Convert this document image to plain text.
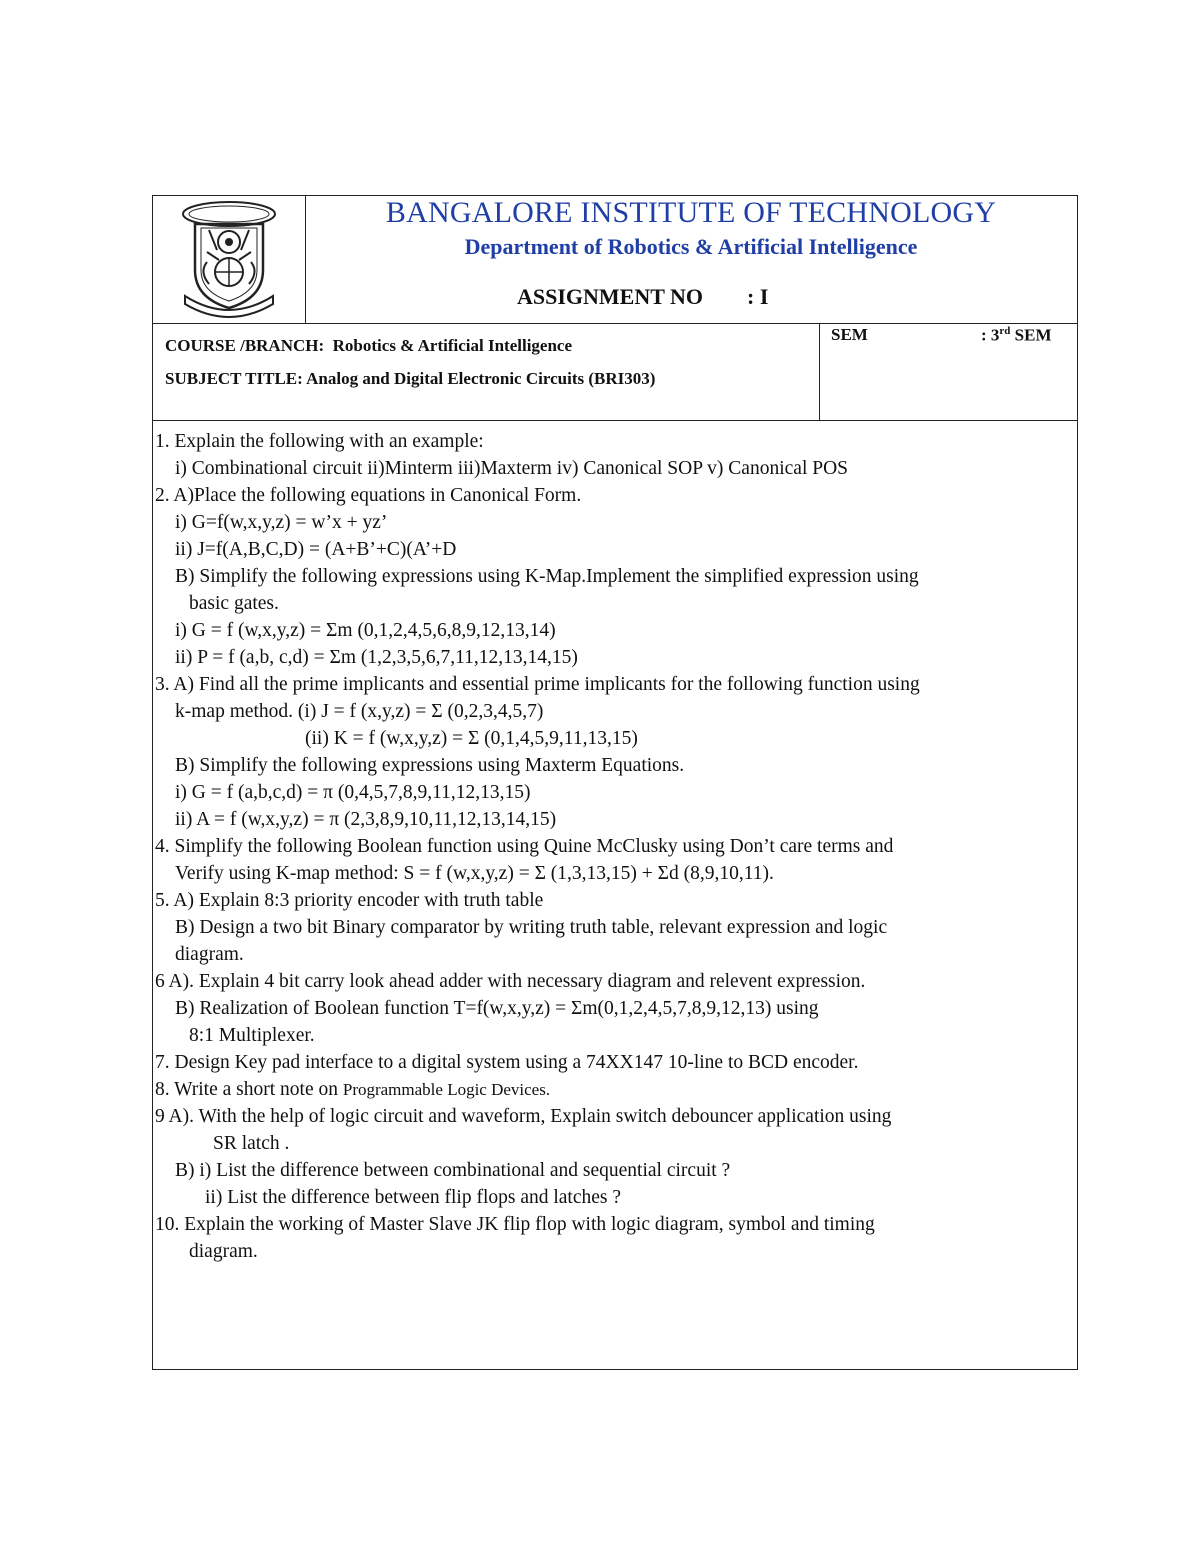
BANGALORE INSTITUTE OF TECHNOLOGY
Department of Robotics & Artificial Intelligence
ASSIGNMENT NO : I
COURSE /BRANCH: Robotics & Artificial Intelligence
SUBJECT TITLE: Analog and Digital Electronic Circuits (BRI303)
SEM	: 3rd SEM
1. Explain the following with an example:
i) Combinational circuit ii)Minterm iii)Maxterm iv) Canonical SOP v) Canonical POS
2. A)Place the following equations in Canonical Form.
i) G=f(w,x,y,z) = w’x + yz’
ii) J=f(A,B,C,D) = (A+B’+C)(A’+D
B) Simplify the following expressions using K-Map.Implement the simplified expression using
basic gates.
i) G = f (w,x,y,z) = Σm (0,1,2,4,5,6,8,9,12,13,14)
ii) P = f (a,b, c,d) = Σm (1,2,3,5,6,7,11,12,13,14,15)
3. A) Find all the prime implicants and essential prime implicants for the following function using
k-map method. (i) J = f (x,y,z) = Σ (0,2,3,4,5,7)
(ii) K = f (w,x,y,z) = Σ (0,1,4,5,9,11,13,15)
B) Simplify the following expressions using Maxterm Equations.
i) G = f (a,b,c,d) = π (0,4,5,7,8,9,11,12,13,15)
ii) A = f (w,x,y,z) = π (2,3,8,9,10,11,12,13,14,15)
4. Simplify the following Boolean function using Quine McClusky using Don’t care terms and
Verify using K-map method: S = f (w,x,y,z) = Σ (1,3,13,15) + Σd (8,9,10,11).
5. A) Explain 8:3 priority encoder with truth table
B) Design a two bit Binary comparator by writing truth table, relevant expression and logic
diagram.
6 A). Explain 4 bit carry look ahead adder with necessary diagram and relevent expression.
B) Realization of Boolean function T=f(w,x,y,z) = Σm(0,1,2,4,5,7,8,9,12,13) using
8:1 Multiplexer.
7. Design Key pad interface to a digital system using a 74XX147 10-line to BCD encoder.
8. Write a short note on Programmable Logic Devices.
9 A). With the help of logic circuit and waveform, Explain switch debouncer application using
SR latch .
B) i) List the difference between combinational and sequential circuit ?
ii) List the difference between flip flops and latches ?
10. Explain the working of Master Slave JK flip flop with logic diagram, symbol and timing
diagram.
